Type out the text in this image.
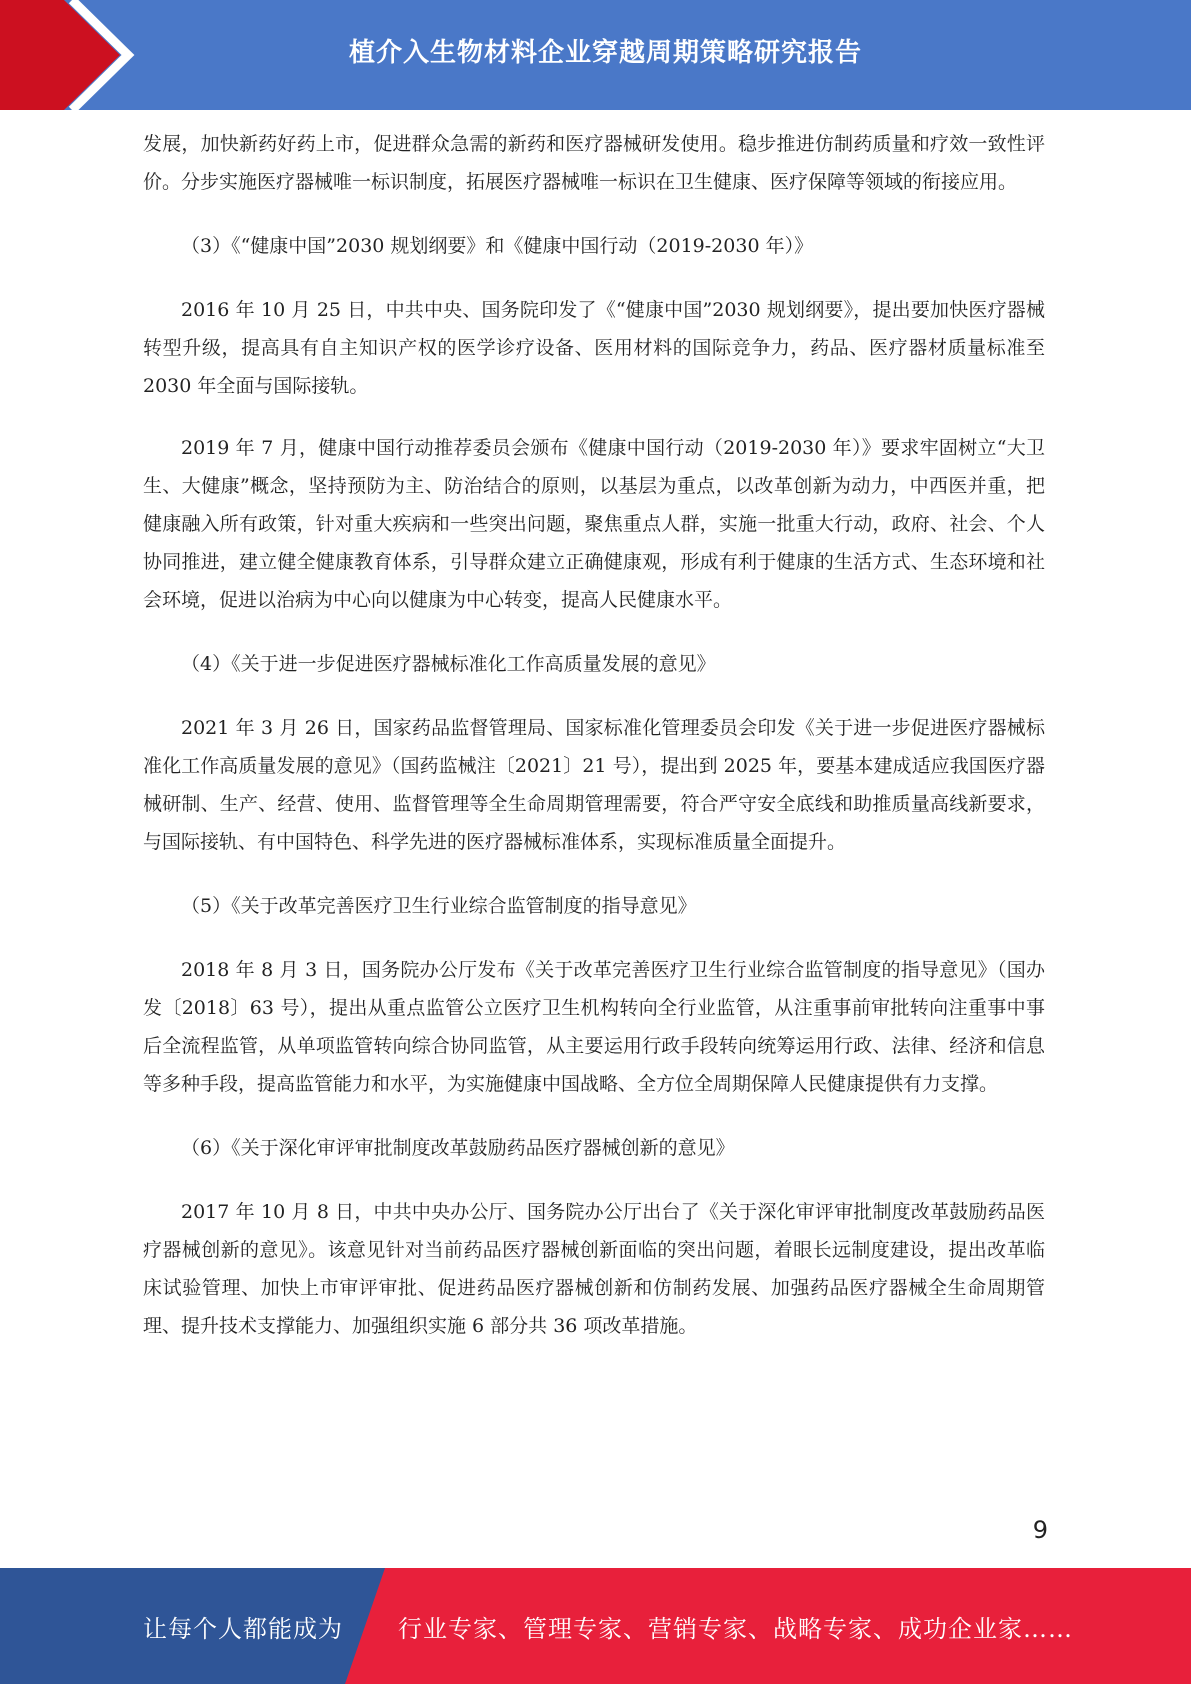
植介入生物材料企业穿越周期策略研究报告

发展，加快新药好药上市，促进群众急需的新药和医疗器械研发使用。稳步推进仿制药质量和疗效一致性评价。分步实施医疗器械唯一标识制度，拓展医疗器械唯一标识在卫生健康、医疗保障等领域的衔接应用。

（3）《“健康中国”2030 规划纲要》和《健康中国行动（2019-2030 年）》

2016 年 10 月 25 日，中共中央、国务院印发了《“健康中国”2030 规划纲要》，提出要加快医疗器械转型升级，提高具有自主知识产权的医学诊疗设备、医用材料的国际竞争力，药品、医疗器材质量标准至 2030 年全面与国际接轨。

2019 年 7 月，健康中国行动推荐委员会颁布《健康中国行动（2019-2030 年）》要求牢固树立“大卫生、大健康”概念，坚持预防为主、防治结合的原则，以基层为重点，以改革创新为动力，中西医并重，把健康融入所有政策，针对重大疾病和一些突出问题，聚焦重点人群，实施一批重大行动，政府、社会、个人协同推进，建立健全健康教育体系，引导群众建立正确健康观，形成有利于健康的生活方式、生态环境和社会环境，促进以治病为中心向以健康为中心转变，提高人民健康水平。

（4）《关于进一步促进医疗器械标准化工作高质量发展的意见》

2021 年 3 月 26 日，国家药品监督管理局、国家标准化管理委员会印发《关于进一步促进医疗器械标准化工作高质量发展的意见》（国药监械注〔2021〕21 号），提出到 2025 年，要基本建成适应我国医疗器械研制、生产、经营、使用、监督管理等全生命周期管理需要，符合严守安全底线和助推质量高线新要求，与国际接轨、有中国特色、科学先进的医疗器械标准体系，实现标准质量全面提升。

（5）《关于改革完善医疗卫生行业综合监管制度的指导意见》

2018 年 8 月 3 日，国务院办公厅发布《关于改革完善医疗卫生行业综合监管制度的指导意见》（国办发〔2018〕63 号），提出从重点监管公立医疗卫生机构转向全行业监管，从注重事前审批转向注重事中事后全流程监管，从单项监管转向综合协同监管，从主要运用行政手段转向统筹运用行政、法律、经济和信息等多种手段，提高监管能力和水平，为实施健康中国战略、全方位全周期保障人民健康提供有力支撑。

（6）《关于深化审评审批制度改革鼓励药品医疗器械创新的意见》

2017 年 10 月 8 日，中共中央办公厅、国务院办公厅出台了《关于深化审评审批制度改革鼓励药品医疗器械创新的意见》。该意见针对当前药品医疗器械创新面临的突出问题，着眼长远制度建设，提出改革临床试验管理、加快上市审评审批、促进药品医疗器械创新和仿制药发展、加强药品医疗器械全生命周期管理、提升技术支撑能力、加强组织实施 6 部分共 36 项改革措施。

9
让每个人都能成为 行业专家、管理专家、营销专家、战略专家、成功企业家……
